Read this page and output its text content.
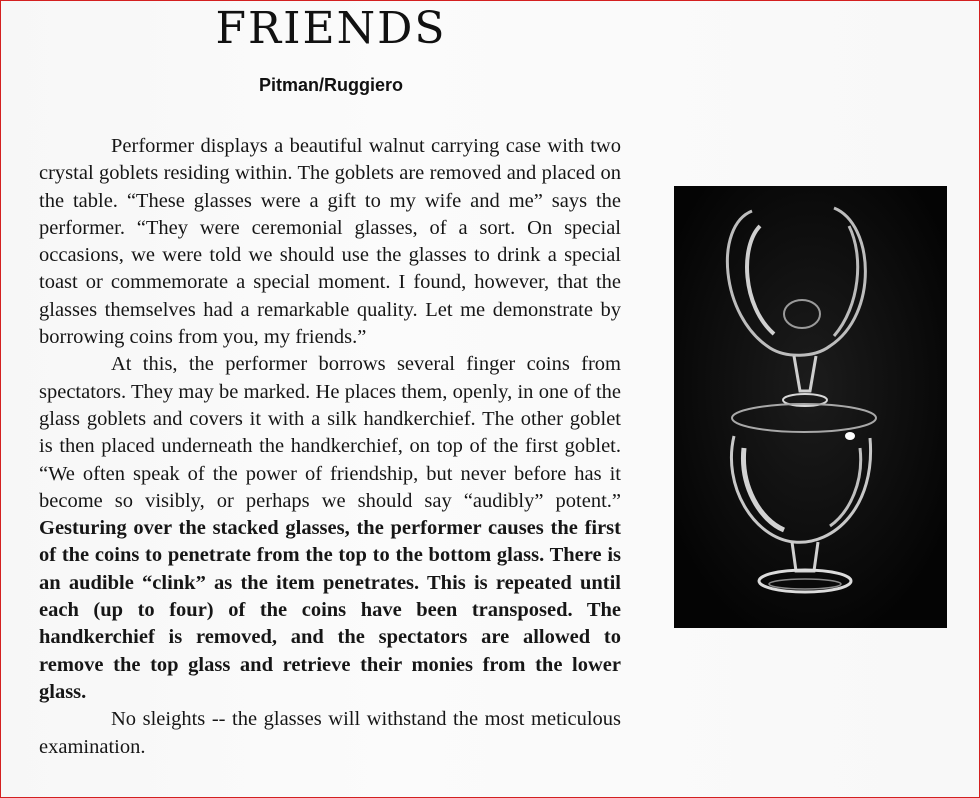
FRIENDS
Pitman/Ruggiero

Performer displays a beautiful walnut carrying case with two crystal goblets residing within. The goblets are removed and placed on the table. “These glasses were a gift to my wife and me” says the performer. “They were ceremonial glasses, of a sort. On special occasions, we were told we should use the glasses to drink a special toast or commemorate a special moment. I found, however, that the glasses themselves had a remarkable quality. Let me demonstrate by borrowing coins from you, my friends.”

At this, the performer borrows several finger coins from spectators. They may be marked. He places them, openly, in one of the glass goblets and covers it with a silk handkerchief. The other goblet is then placed underneath the handkerchief, on top of the first goblet. “We often speak of the power of friendship, but never before has it become so visibly, or perhaps we should say “audibly” potent.” Gesturing over the stacked glasses, the performer causes the first of the coins to penetrate from the top to the bottom glass. There is an audible “clink” as the item penetrates. This is repeated until each (up to four) of the coins have been transposed. The handkerchief is removed, and the spectators are allowed to remove the top glass and retrieve their monies from the lower glass.

No sleights -- the glasses will withstand the most meticulous examination.
